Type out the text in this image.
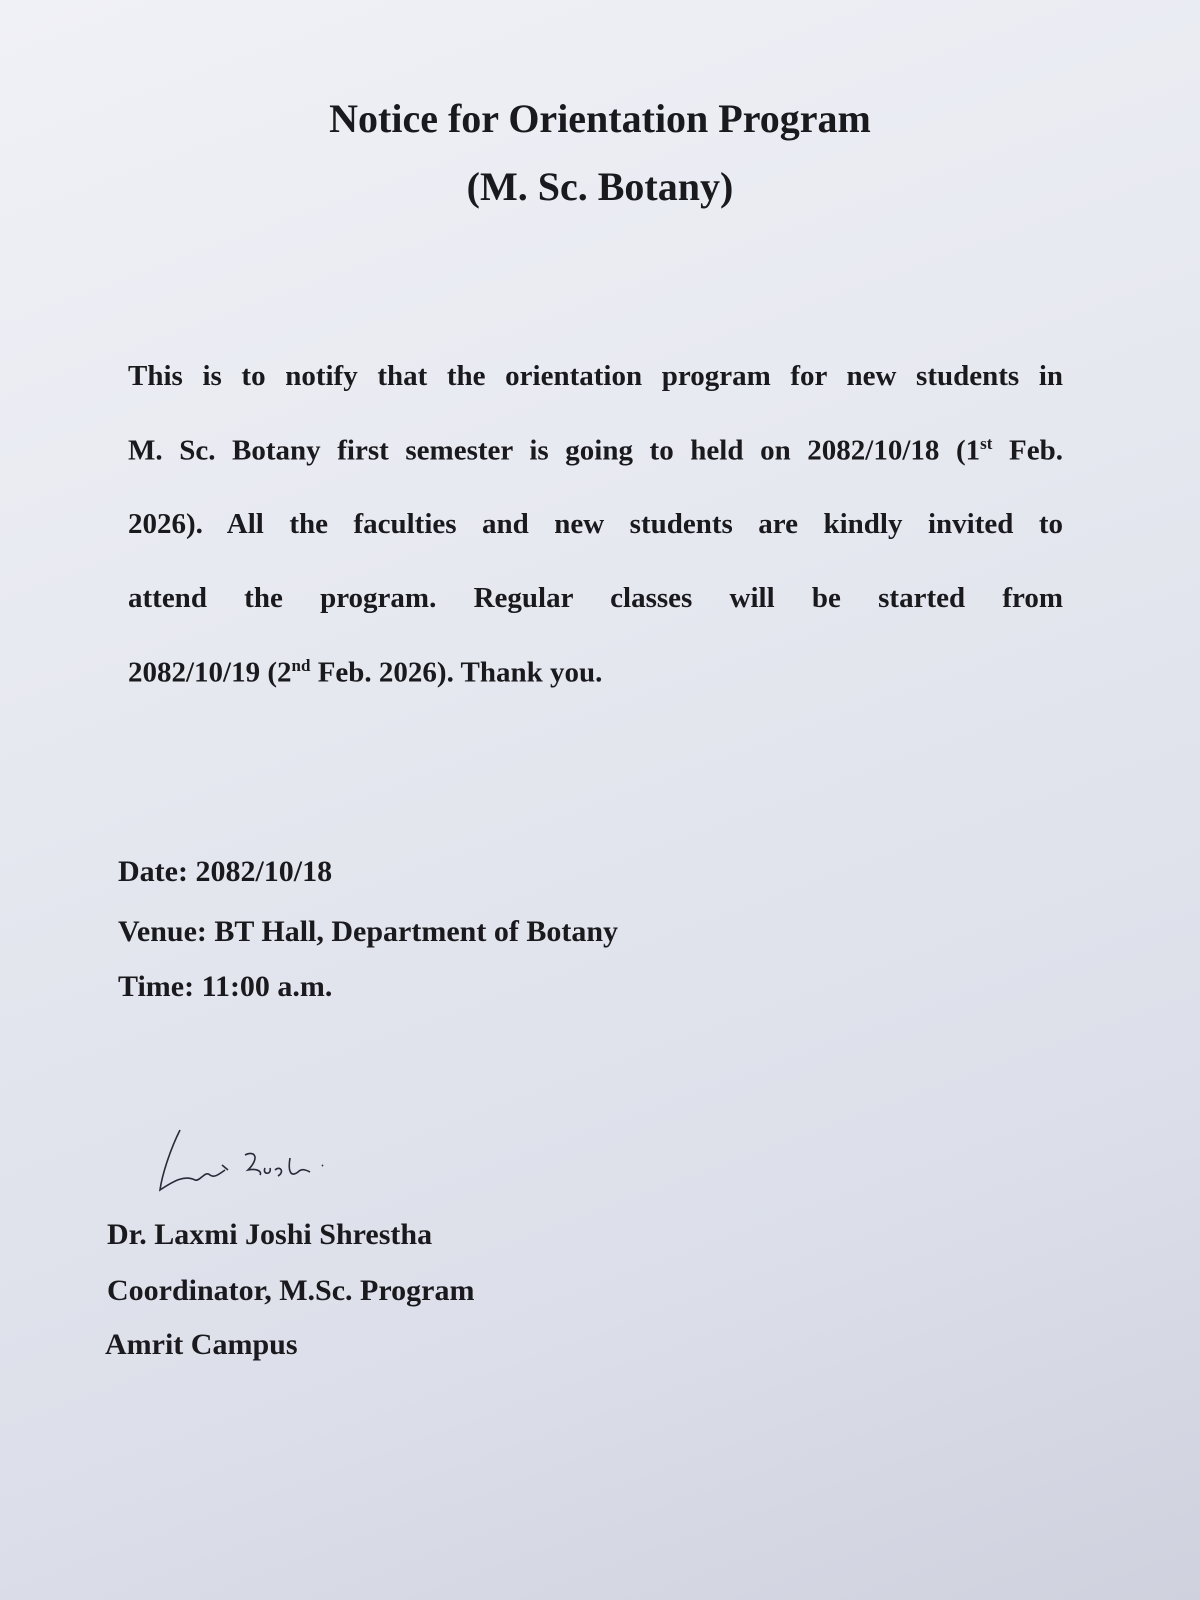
Notice for Orientation Program
(M. Sc. Botany)
This is to notify that the orientation program for new students in
M. Sc. Botany first semester is going to held on 2082/10/18 (1st Feb.
2026). All the faculties and new students are kindly invited to
attend the program. Regular classes will be started from
2082/10/19 (2nd Feb. 2026). Thank you.
Date: 2082/10/18
Venue: BT Hall, Department of Botany
Time: 11:00 a.m.
Dr. Laxmi Joshi Shrestha
Coordinator, M.Sc. Program
Amrit Campus
